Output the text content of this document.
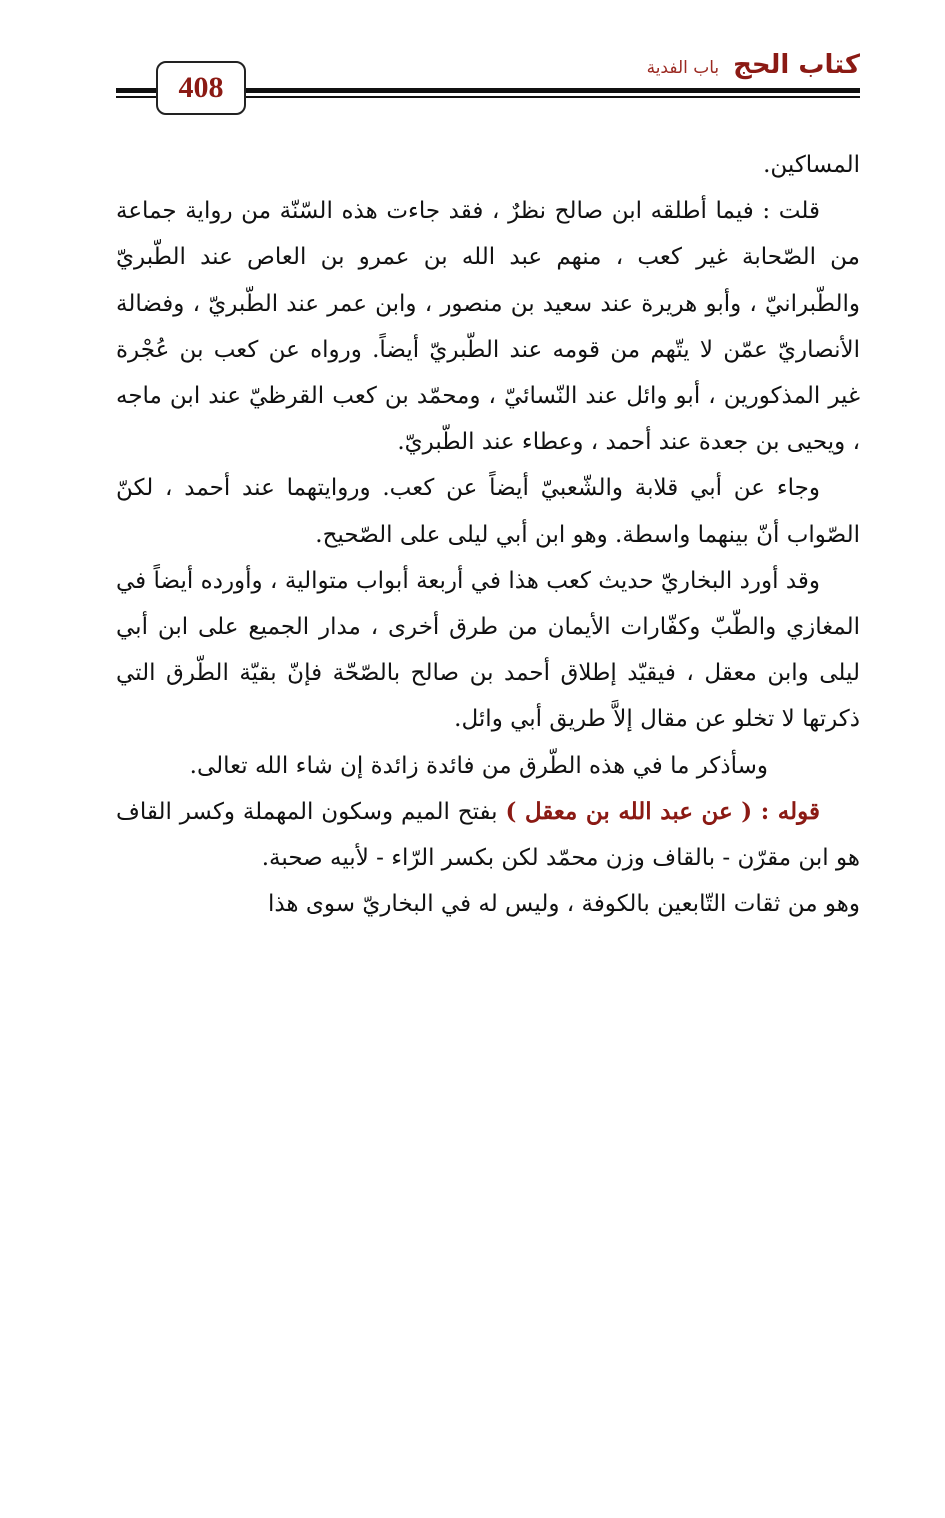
كتاب الحج
باب الفدية
408

المساكين.

قلت : فيما أطلقه ابن صالح نظرٌ ، فقد جاءت هذه السّنّة من رواية جماعة من الصّحابة غير كعب ، منهم عبد الله بن عمرو بن العاص عند الطّبريّ والطّبرانيّ ، وأبو هريرة عند سعيد بن منصور ، وابن عمر عند الطّبريّ ، وفضالة الأنصاريّ عمّن لا يتّهم من قومه عند الطّبريّ أيضاً. ورواه عن كعب بن عُجْرة غير المذكورين ، أبو وائل عند النّسائيّ ، ومحمّد بن كعب القرظيّ عند ابن ماجه ، ويحيى بن جعدة عند أحمد ، وعطاء عند الطّبريّ.

وجاء عن أبي قلابة والشّعبيّ أيضاً عن كعب. وروايتهما عند أحمد ، لكنّ الصّواب أنّ بينهما واسطة. وهو ابن أبي ليلى على الصّحيح.

وقد أورد البخاريّ حديث كعب هذا في أربعة أبواب متوالية ، وأورده أيضاً في المغازي والطّبّ وكفّارات الأيمان من طرق أخرى ، مدار الجميع على ابن أبي ليلى وابن معقل ، فيقيّد إطلاق أحمد بن صالح بالصّحّة فإنّ بقيّة الطّرق التي ذكرتها لا تخلو عن مقال إلاَّ طريق أبي وائل.

وسأذكر ما في هذه الطّرق من فائدة زائدة إن شاء الله تعالى.

قوله : ( عن عبد الله بن معقل ) بفتح الميم وسكون المهملة وكسر القاف هو ابن مقرّن - بالقاف وزن محمّد لكن بكسر الرّاء - لأبيه صحبة.

وهو من ثقات التّابعين بالكوفة ، وليس له في البخاريّ سوى هذا
